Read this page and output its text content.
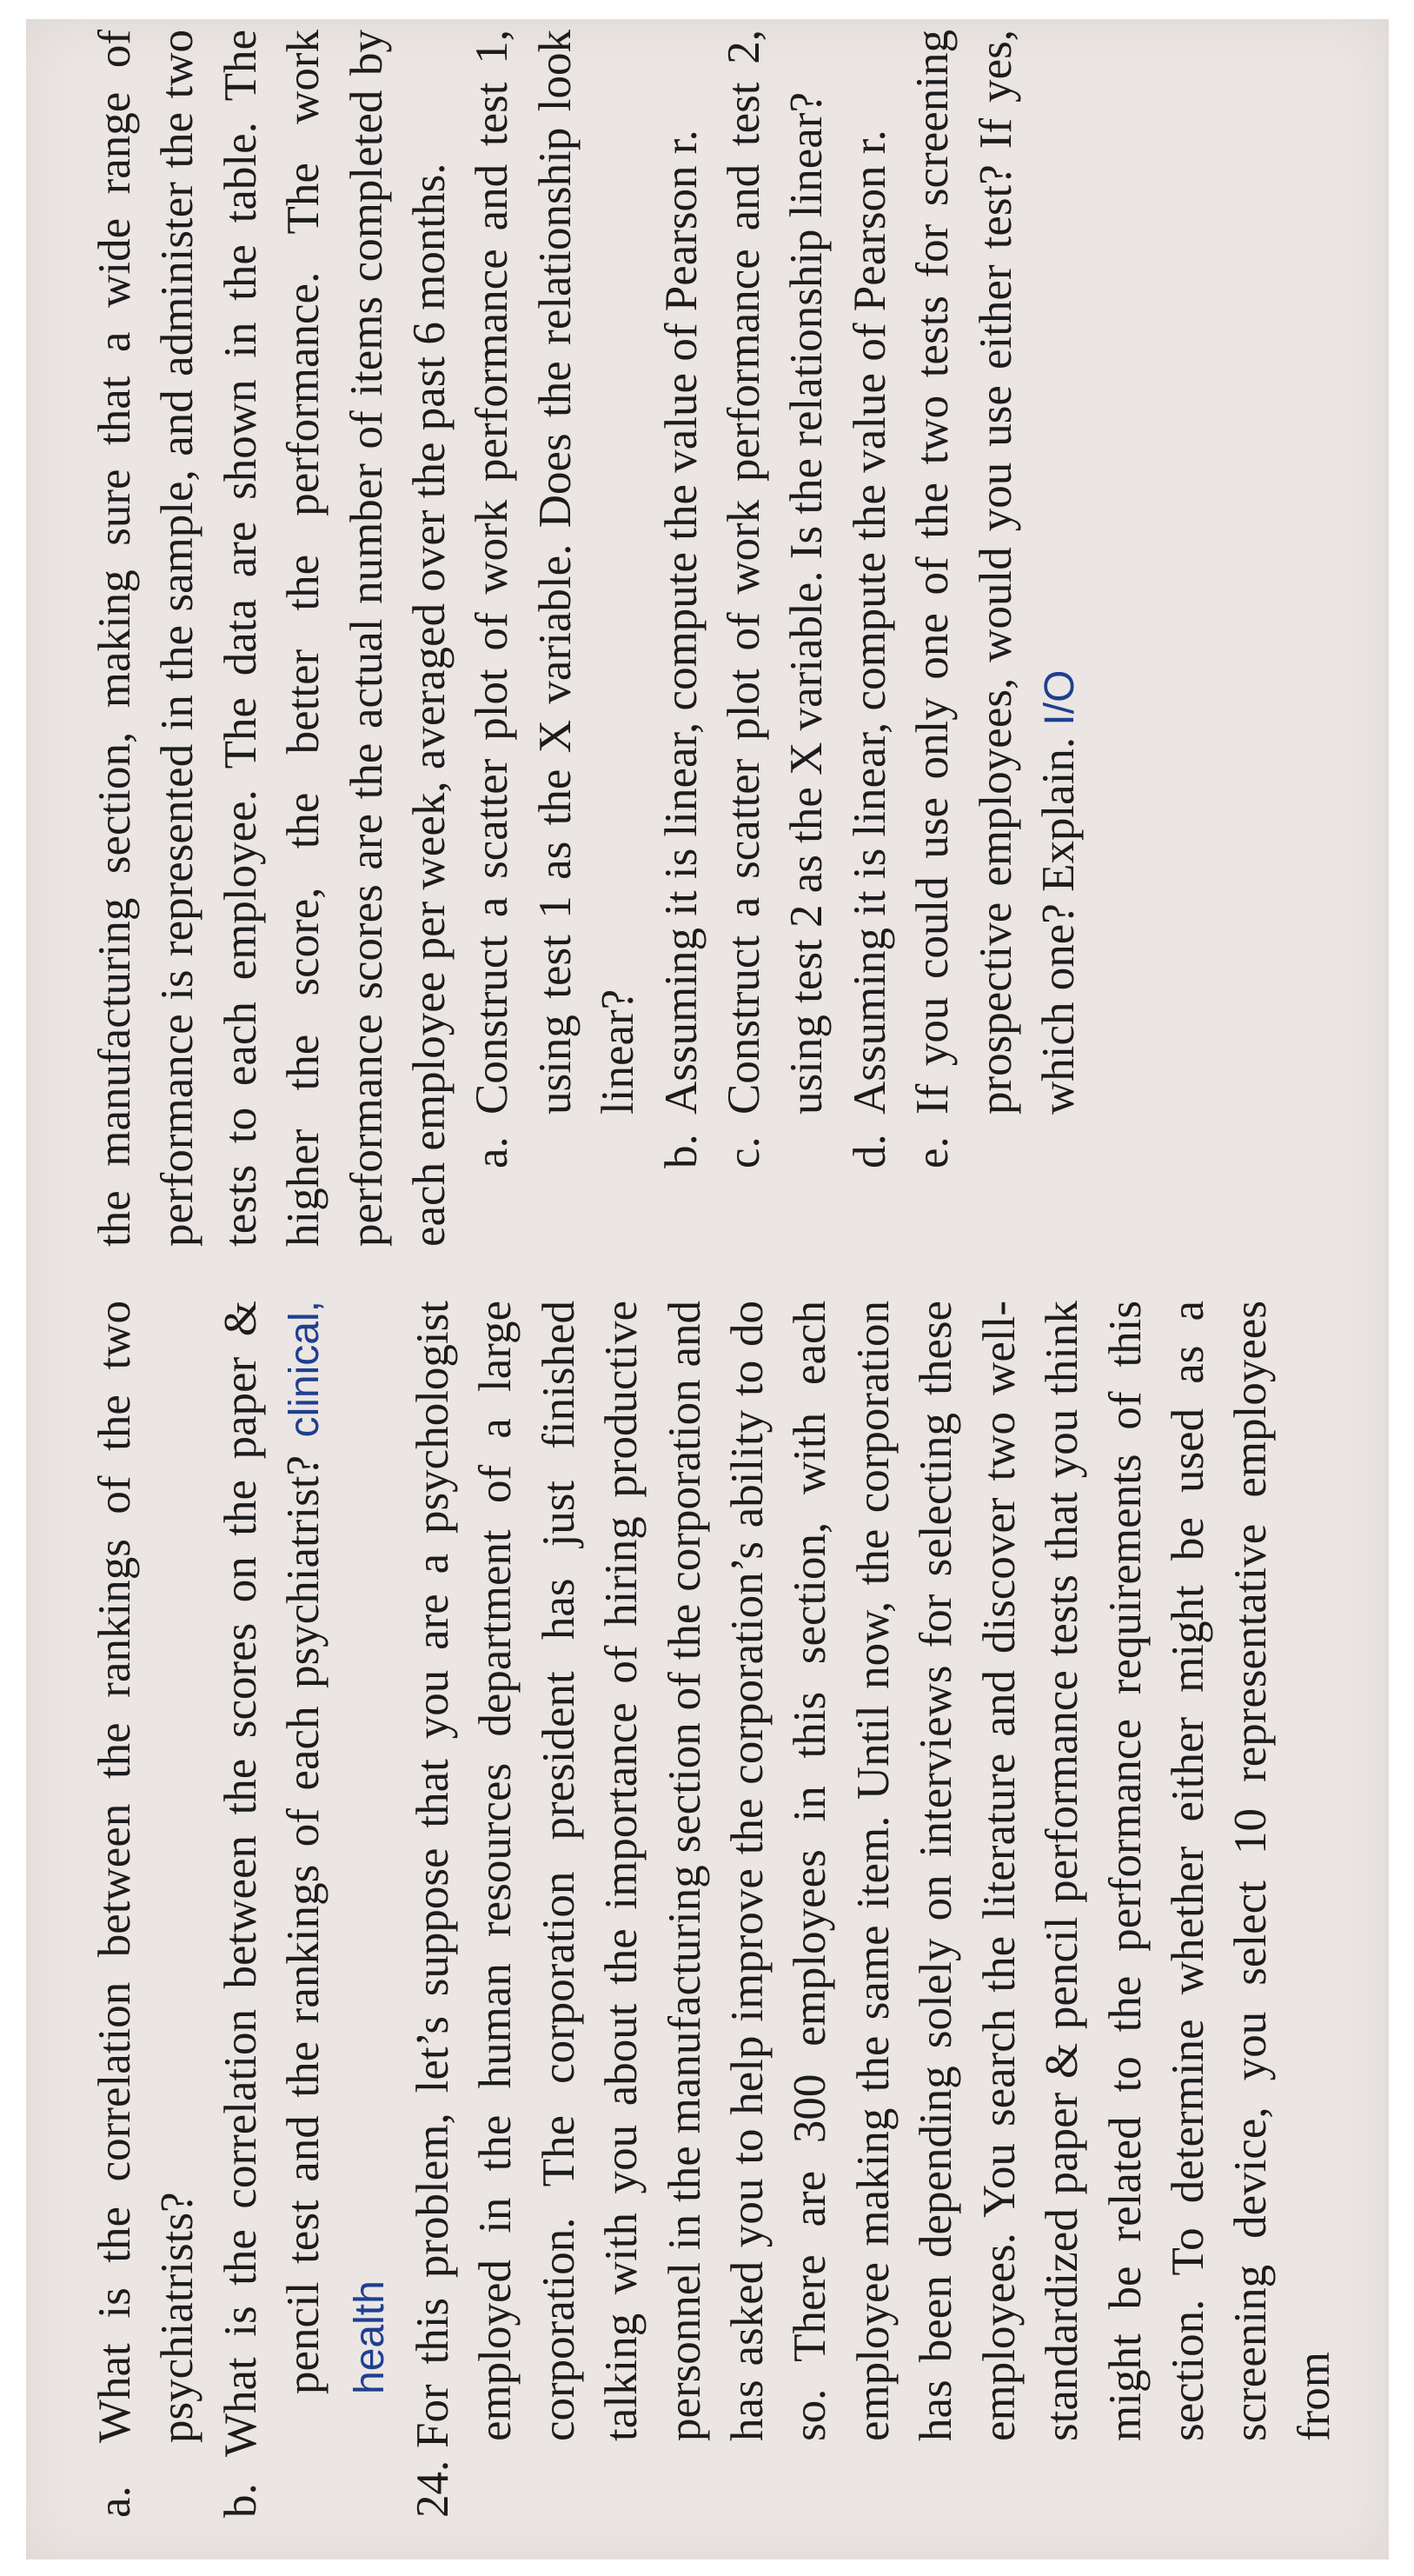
a.What is the correlation between the rankings of the two psychiatrists?

b.What is the correlation between the scores on the paper & pencil test and the rankings of each psychiatrist? clinical, health

24.For this problem, let’s suppose that you are a psychologist employed in the human resources department of a large corporation. The corporation president has just finished talking with you about the importance of hiring productive personnel in the manufacturing section of the corporation and has asked you to help improve the corporation’s ability to do so. There are 300 employees in this section, with each employee making the same item. Until now, the corporation has been depending solely on interviews for selecting these employees. You search the literature and discover two well-standardized paper & pencil performance tests that you think might be related to the performance requirements of this section. To determine whether either might be used as a screening device, you select 10 representative employees from

the manufacturing section, making sure that a wide range of performance is represented in the sample, and administer the two tests to each employee. The data are shown in the table. The higher the score, the better the performance. The work performance scores are the actual number of items completed by each employee per week, averaged over the past 6 months. a.Construct a scatter plot of work performance and test 1, using test 1 as the X variable. Does the relationship look linear?

b.Assuming it is linear, compute the value of Pearson r.

c.Construct a scatter plot of work performance and test 2, using test 2 as the X variable. Is the relationship linear?

d.Assuming it is linear, compute the value of Pearson r.

e.If you could use only one of the two tests for screening prospective employees, would you use either test? If yes, which one? Explain. I/O
